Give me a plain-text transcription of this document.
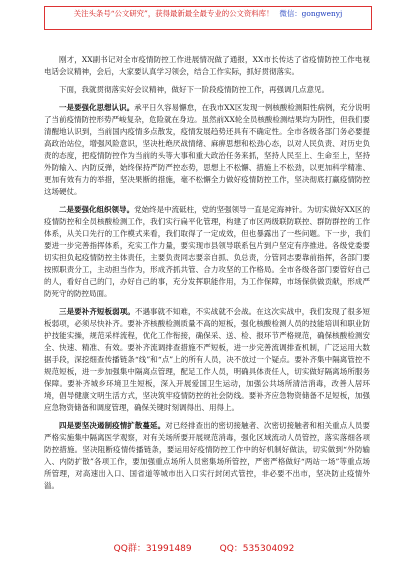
关注头条号“公文研究”，获得最新最全最专业的公文资料库！ 微信：gongwenyj

刚才，XX副书记对全市疫情防控工作进展情况做了通报，XX市长传达了省疫情防控工作电视电话会议精神，会后，大家要认真学习领会，结合工作实际，抓好贯彻落实。

下面，我就贯彻落实好会议精神，做好下一阶段疫情防控工作，再强调几点意见。

一是要强化思想认识。承平日久容易懈怠，在我市XX区发现一例核酸检测阳性病例，充分说明了当前疫情防控形势严峻复杂，危险就在身边。虽然前XX轮全员核酸检测结果均为阴性，但我们要清醒地认识到，当前国内疫情多点散发，疫情发展趋势还具有不确定性。全市各级各部门务必要提高政治站位，增强风险意识，坚决杜绝厌战情绪、麻痹思想和松劲心态，以对人民负责、对历史负责的态度，把疫情防控作为当前的头等大事和重大政治任务来抓，坚持人民至上、生命至上，坚持外防输入、内防反弹，始终保持严防严控态势，思想上不松懈、措施上不松劲，以更加科学精准、更加有效有力的举措，坚决果断的措施，毫不松懈全力做好疫情防控工作，坚决彻底打赢疫情防控这场硬仗。

二是要强化组织领导。党始终是中流砥柱，党的坚强领导一直是定海神针。为切实做好XX区的疫情防控和全员核酸检测工作，我们实行扁平化管理，构建了市区两级联防联控、群防群控的工作体系，从关口先行的工作模式来看，我们取得了一定成效，但也暴露出了一些问题。下一步，我们要进一步完善指挥体系，充实工作力量，要实现市县领导联系包片到户坚定有序推进。各级党委要切实担负起疫情防控主体责任，主要负责同志要亲自抓、负总责，分管同志要靠前指挥，各部门要按照职责分工，主动担当作为，形成齐抓共管、合力攻坚的工作格局。全市各级各部门要管好自己的人，看好自己的门，办好自己的事，充分发挥职能作用，为工作保障，市场保供做贡献，形成严防死守的防控局面。

三是要补齐短板弱项。不遇事就不知难，不实战就不会战。在这次实战中，我们发现了很多短板弱项，必须尽快补齐。要补齐核酸检测质量不高的短板，强化核酸检测人员的技能培训和职业防护技能实操，规范采样流程，优化工作衔接，确保采、送、检、报环节严格规范，确保核酸检测安全、快速、精准、有效。要补齐流调排查措施不严短板，进一步完善流调排查机制，广泛运用大数据手段，深挖细查传播链条“线”和“点”上的所有人员，决不放过一个疑点。要补齐集中隔离管控不规范短板，进一步加强集中隔离点管理，配足工作人员，明确具体责任人，切实做好隔离场所服务保障。要补齐城乡环境卫生短板，深入开展爱国卫生运动，加强公共场所清洁消毒，改善人居环境，倡导健康文明生活方式，坚决筑牢疫情防控的社会防线。要补齐应急物资储备不足短板，加强应急物资储备和调度管理，确保关键时刻调得出、用得上。

四是要坚决遏制疫情扩散蔓延。对已经排查出的密切接触者、次密切接触者和相关重点人员要严格实施集中隔离医学观察，对有关场所要开展规范消毒，强化区域流动人员管控，落实落细各项防控措施。坚决阻断疫情传播链条，要运用好疫情防控工作中的好机制好做法，切实做到“外防输入、内防扩散”各项工作，要加强重点场所人员密集场所管控，严密严格做好“两站一场”等重点场所管理，对高速出入口、国省道等城市出入口实行封闭式管控，非必要不出市，坚决防止疫情外溢。

QQ群：31991489	QQ：535304092
